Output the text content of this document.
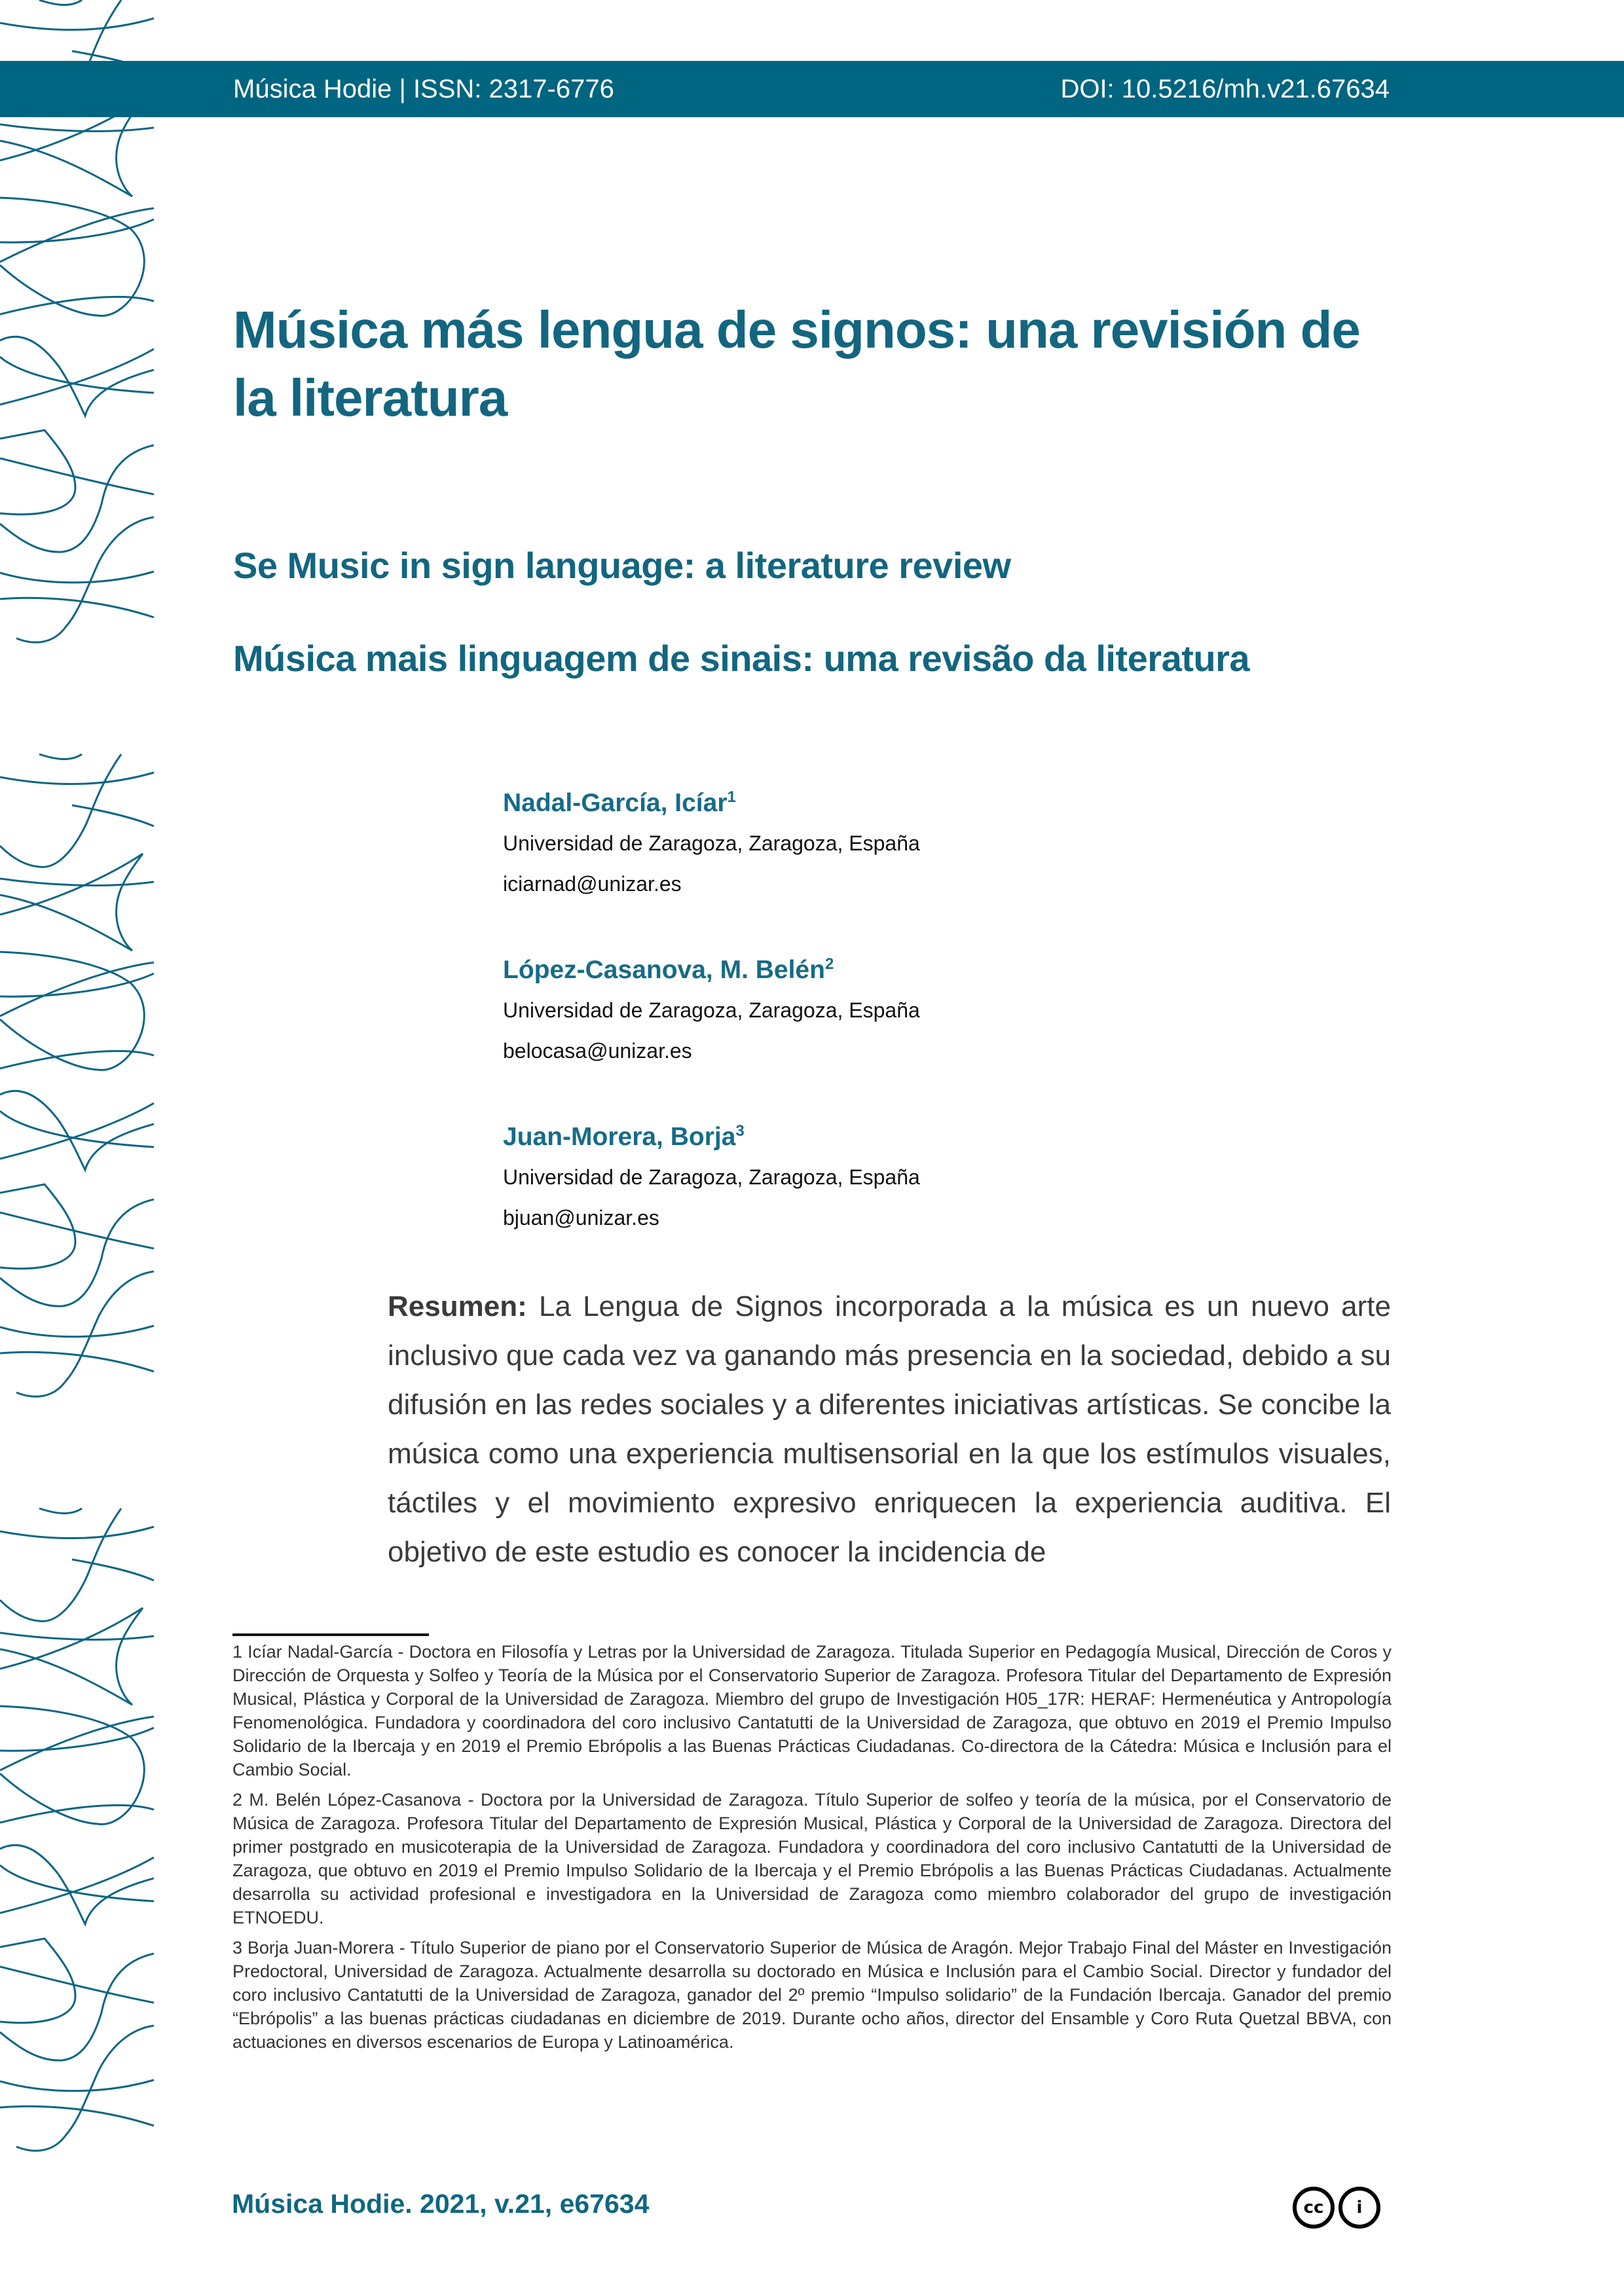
Música Hodie | ISSN: 2317-6776	DOI: 10.5216/mh.v21.67634
Música más lengua de signos: una revisión de la literatura
Se Music in sign language: a literature review
Música mais linguagem de sinais: uma revisão da literatura
Nadal-García, Icíar$^1$
Universidad de Zaragoza, Zaragoza, España
iciarnad@unizar.es
López-Casanova, M. Belén$^2$
Universidad de Zaragoza, Zaragoza, España
belocasa@unizar.es
Juan-Morera, Borja$^3$
Universidad de Zaragoza, Zaragoza, España
bjuan@unizar.es
Resumen: La Lengua de Signos incorporada a la música es un nuevo arte inclusivo que cada vez va ganando más presencia en la sociedad, debido a su difusión en las redes sociales y a diferentes iniciativas artísticas. Se concibe la música como una experiencia multisensorial en la que los estímulos visuales, táctiles y el movimiento expresivo enriquecen la experiencia auditiva. El objetivo de este estudio es conocer la incidencia de

1 Icíar Nadal-García - Doctora en Filosofía y Letras por la Universidad de Zaragoza. Titulada Superior en Pedagogía Musical, Dirección de Coros y Dirección de Orquesta y Solfeo y Teoría de la Música por el Conservatorio Superior de Zaragoza. Profesora Titular del Departamento de Expresión Musical, Plástica y Corporal de la Universidad de Zaragoza. Miembro del grupo de Investigación H05_17R: HERAF: Hermenéutica y Antropología Fenomenológica. Fundadora y coordinadora del coro inclusivo Cantatutti de la Universidad de Zaragoza, que obtuvo en 2019 el Premio Impulso Solidario de la Ibercaja y en 2019 el Premio Ebrópolis a las Buenas Prácticas Ciudadanas. Co-directora de la Cátedra: Música e Inclusión para el Cambio Social.

2 M. Belén López-Casanova - Doctora por la Universidad de Zaragoza. Título Superior de solfeo y teoría de la música, por el Conservatorio de Música de Zaragoza. Profesora Titular del Departamento de Expresión Musical, Plástica y Corporal de la Universidad de Zaragoza. Directora del primer postgrado en musicoterapia de la Universidad de Zaragoza. Fundadora y coordinadora del coro inclusivo Cantatutti de la Universidad de Zaragoza, que obtuvo en 2019 el Premio Impulso Solidario de la Ibercaja y el Premio Ebrópolis a las Buenas Prácticas Ciudadanas. Actualmente desarrolla su actividad profesional e investigadora en la Universidad de Zaragoza como miembro colaborador del grupo de investigación ETNOEDU.

3 Borja Juan-Morera - Título Superior de piano por el Conservatorio Superior de Música de Aragón. Mejor Trabajo Final del Máster en Investigación Predoctoral, Universidad de Zaragoza. Actualmente desarrolla su doctorado en Música e Inclusión para el Cambio Social. Director y fundador del coro inclusivo Cantatutti de la Universidad de Zaragoza, ganador del 2º premio “Impulso solidario” de la Fundación Ibercaja. Ganador del premio “Ebrópolis” a las buenas prácticas ciudadanas en diciembre de 2019. Durante ocho años, director del Ensamble y Coro Ruta Quetzal BBVA, con actuaciones en diversos escenarios de Europa y Latinoamérica.

Música Hodie. 2021, v.21, e67634	cc	i
